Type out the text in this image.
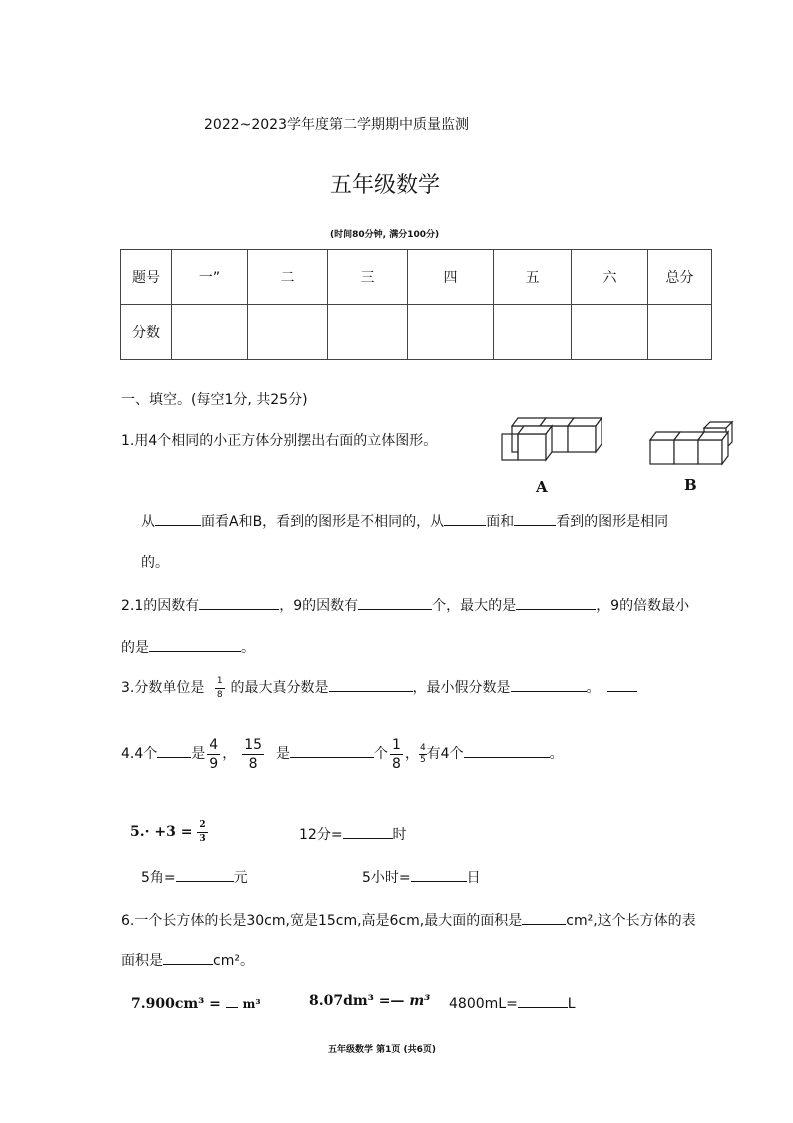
2022~2023学年度第二学期期中质量监测
五年级数学
(时间80分钟, 满分100分)
题号	一”	二	三	四	五	六	总分
分数							
一、填空。(每空1分, 共25分)
1.用4个相同的小正方体分别摆出右面的立体图形。
A	B
从	面看A和B，看到的图形是不相同的，从	面和	看到的图形是相同
的。
2.1的因数有	，9的因数有	个，最大的是	，9的倍数最小
的是	。
3.分数单位是 $\frac{1}{8}$ 的最大真分数是	，最小假分数是	。
4.4个 是 $\frac{4}{9}$ ， $\frac{15}{8}$ 是	个 $\frac{1}{8}$ ， $\frac{4}{5}$ 有4个	。
$5.\cdot +3 = \frac{2}{3}$	12分=	时
5角=	元	5小时=	日
6.一个长方体的长是30cm,宽是15cm,高是6cm,最大面的面积是	cm²,这个长方体的表
面积是	cm²。
7.900cm³ = m³	8.07dm³ =— m³ 4800mL=	L
五年级数学 第1页 (共6页)
